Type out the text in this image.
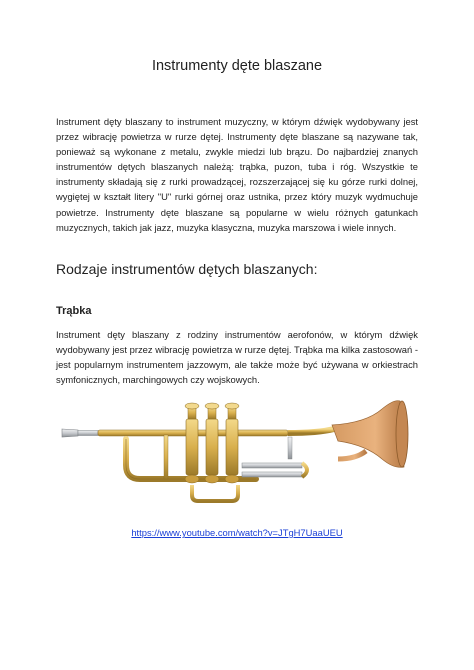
Instrumenty dęte blaszane

Instrument dęty blaszany to instrument muzyczny, w którym dźwięk wydobywany jest przez wibrację powietrza w rurze dętej. Instrumenty dęte blaszane są nazywane tak, ponieważ są wykonane z metalu, zwykle miedzi lub brązu. Do najbardziej znanych instrumentów dętych blaszanych należą: trąbka, puzon, tuba i róg. Wszystkie te instrumenty składają się z rurki prowadzącej, rozszerzającej się ku górze rurki dolnej, wygiętej w kształt litery "U" rurki górnej oraz ustnika, przez który muzyk wydmuchuje powietrze. Instrumenty dęte blaszane są popularne w wielu różnych gatunkach muzycznych, takich jak jazz, muzyka klasyczna, muzyka marszowa i wiele innych.

Rodzaje instrumentów dętych blaszanych:
Trąbka

Instrument dęty blaszany z rodziny instrumentów aerofonów, w którym dźwięk wydobywany jest przez wibrację powietrza w rurze dętej. Trąbka ma kilka zastosowań - jest popularnym instrumentem jazzowym, ale także może być używana w orkiestrach symfonicznych, marchingowych czy wojskowych.

https://www.youtube.com/watch?v=JTgH7UaaUEU
